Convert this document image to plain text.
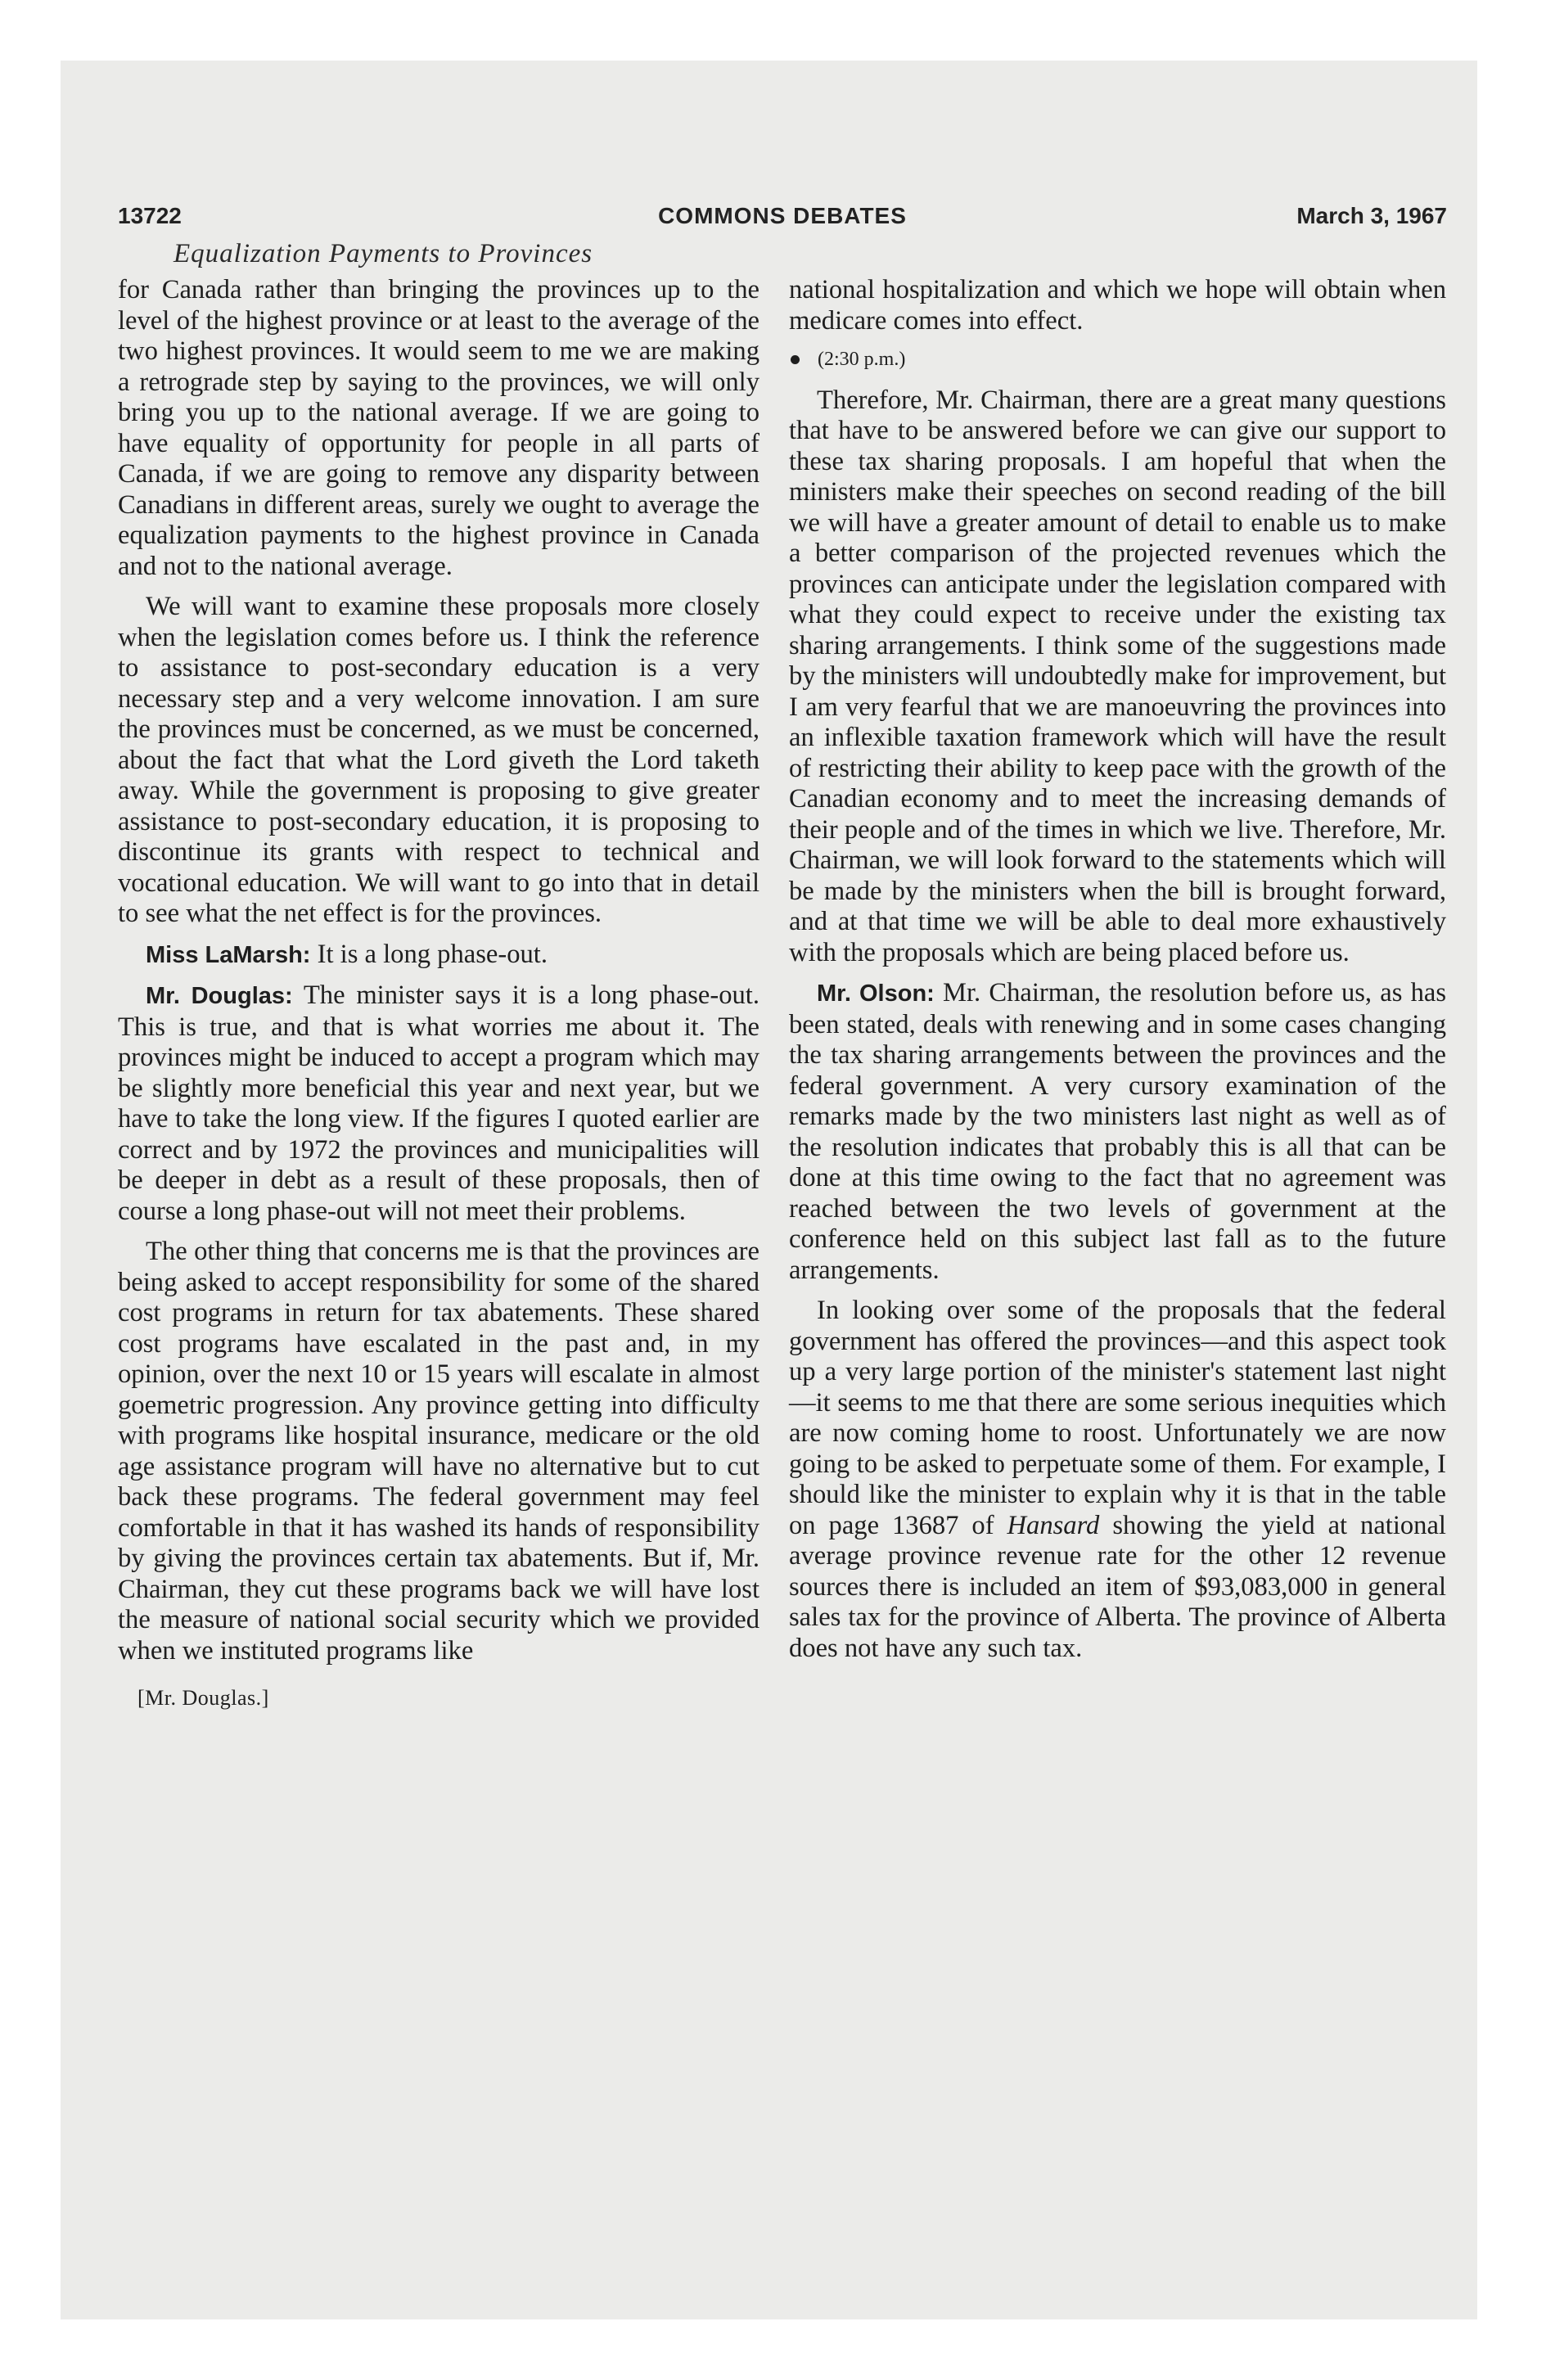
13722	COMMONS DEBATES	March 3, 1967
Equalization Payments to Provinces

for Canada rather than bringing the provinces up to the level of the highest province or at least to the average of the two highest provinces. It would seem to me we are making a retrograde step by saying to the provinces, we will only bring you up to the national average. If we are going to have equality of opportunity for people in all parts of Canada, if we are going to remove any disparity between Canadians in different areas, surely we ought to average the equalization payments to the highest province in Canada and not to the national average.

We will want to examine these proposals more closely when the legislation comes before us. I think the reference to assistance to post-secondary education is a very necessary step and a very welcome innovation. I am sure the provinces must be concerned, as we must be concerned, about the fact that what the Lord giveth the Lord taketh away. While the government is proposing to give greater assistance to post-secondary education, it is proposing to discontinue its grants with respect to technical and vocational education. We will want to go into that in detail to see what the net effect is for the provinces.

Miss LaMarsh: It is a long phase-out.

Mr. Douglas: The minister says it is a long phase-out. This is true, and that is what worries me about it. The provinces might be induced to accept a program which may be slightly more beneficial this year and next year, but we have to take the long view. If the figures I quoted earlier are correct and by 1972 the provinces and municipalities will be deeper in debt as a result of these proposals, then of course a long phase-out will not meet their problems.

The other thing that concerns me is that the provinces are being asked to accept responsibility for some of the shared cost programs in return for tax abatements. These shared cost programs have escalated in the past and, in my opinion, over the next 10 or 15 years will escalate in almost goemetric progression. Any province getting into difficulty with programs like hospital insurance, medicare or the old age assistance program will have no alternative but to cut back these programs. The federal government may feel comfortable in that it has washed its hands of responsibility by giving the provinces certain tax abatements. But if, Mr. Chairman, they cut these programs back we will have lost the measure of national social security which we provided when we instituted programs like

[Mr. Douglas.]

national hospitalization and which we hope will obtain when medicare comes into effect.

(2:30 p.m.)

Therefore, Mr. Chairman, there are a great many questions that have to be answered before we can give our support to these tax sharing proposals. I am hopeful that when the ministers make their speeches on second reading of the bill we will have a greater amount of detail to enable us to make a better comparison of the projected revenues which the provinces can anticipate under the legislation compared with what they could expect to receive under the existing tax sharing arrangements. I think some of the suggestions made by the ministers will undoubtedly make for improvement, but I am very fearful that we are manoeuvring the provinces into an inflexible taxation framework which will have the result of restricting their ability to keep pace with the growth of the Canadian economy and to meet the increasing demands of their people and of the times in which we live. Therefore, Mr. Chairman, we will look forward to the statements which will be made by the ministers when the bill is brought forward, and at that time we will be able to deal more exhaustively with the proposals which are being placed before us.

Mr. Olson: Mr. Chairman, the resolution before us, as has been stated, deals with renewing and in some cases changing the tax sharing arrangements between the provinces and the federal government. A very cursory examination of the remarks made by the two ministers last night as well as of the resolution indicates that probably this is all that can be done at this time owing to the fact that no agreement was reached between the two levels of government at the conference held on this subject last fall as to the future arrangements.

In looking over some of the proposals that the federal government has offered the provinces—and this aspect took up a very large portion of the minister's statement last night—it seems to me that there are some serious inequities which are now coming home to roost. Unfortunately we are now going to be asked to perpetuate some of them. For example, I should like the minister to explain why it is that in the table on page 13687 of Hansard showing the yield at national average province revenue rate for the other 12 revenue sources there is included an item of $93,083,000 in general sales tax for the province of Alberta. The province of Alberta does not have any such tax.
